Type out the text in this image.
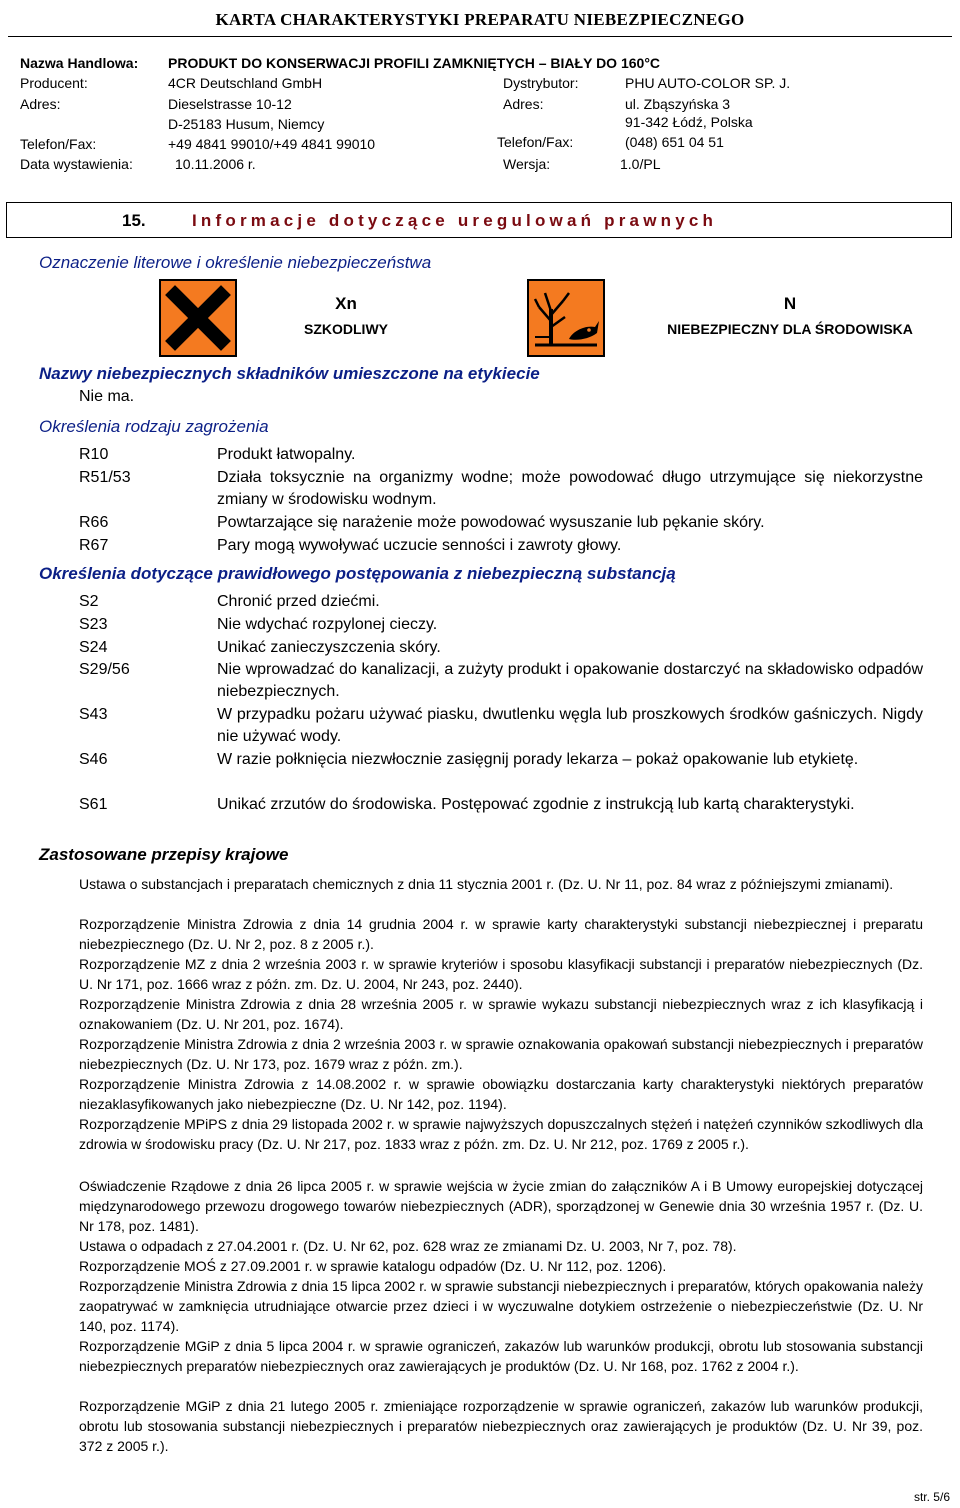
KARTA CHARAKTERYSTYKI PREPARATU NIEBEZPIECZNEGO
Nazwa Handlowa: PRODUKT DO KONSERWACJI PROFILI ZAMKNIĘTYCH – BIAŁY DO 160°C
Producent:	4CR Deutschland GmbH	Dystrybutor:	PHU AUTO-COLOR SP. J.
Adres:	Dieselstrasse 10-12	Adres:	ul. Zbąszyńska 3
D-25183 Husum, Niemcy	91-342 Łódź, Polska
Telefon/Fax:	+49 4841 99010/+49 4841 99010	Telefon/Fax:	(048) 651 04 51
Data wystawienia:	10.11.2006 r.	Wersja:	1.0/PL
15.	Informacje dotyczące uregulowań prawnych
Oznaczenie literowe i określenie niebezpieczeństwa
Xn
SZKODLIWY
N
NIEBEZPIECZNY DLA ŚRODOWISKA
Nazwy niebezpiecznych składników umieszczone na etykiecie
Nie ma.
Określenia rodzaju zagrożenia
R10	Produkt łatwopalny.
R51/53	Działa toksycznie na organizmy wodne; może powodować długo utrzymujące się niekorzystne zmiany w środowisku wodnym.
R66	Powtarzające się narażenie może powodować wysuszanie lub pękanie skóry.
R67	Pary mogą wywoływać uczucie senności i zawroty głowy.
Określenia dotyczące prawidłowego postępowania z niebezpieczną substancją
S2	Chronić przed dziećmi.
S23	Nie wdychać rozpylonej cieczy.
S24	Unikać zanieczyszczenia skóry.
S29/56	Nie wprowadzać do kanalizacji, a zużyty produkt i opakowanie dostarczyć na składowisko odpadów niebezpiecznych.
S43	W przypadku pożaru używać piasku, dwutlenku węgla lub proszkowych środków gaśniczych. Nigdy nie używać wody.
S46	W razie połknięcia niezwłocznie zasięgnij porady lekarza – pokaż opakowanie lub etykietę.
S61	Unikać zrzutów do środowiska. Postępować zgodnie z instrukcją lub kartą charakterystyki.
Zastosowane przepisy krajowe
Ustawa o substancjach i preparatach chemicznych z dnia 11 stycznia 2001 r. (Dz. U. Nr 11, poz. 84 wraz z późniejszymi zmianami).
Rozporządzenie Ministra Zdrowia z dnia 14 grudnia 2004 r. w sprawie karty charakterystyki substancji niebezpiecznej i preparatu niebezpiecznego (Dz. U. Nr 2, poz. 8 z 2005 r.).
Rozporządzenie MZ z dnia 2 września 2003 r. w sprawie kryteriów i sposobu klasyfikacji substancji i preparatów niebezpiecznych (Dz. U. Nr 171, poz. 1666 wraz z późn. zm. Dz. U. 2004, Nr 243, poz. 2440).
Rozporządzenie Ministra Zdrowia z dnia 28 września 2005 r. w sprawie wykazu substancji niebezpiecznych wraz z ich klasyfikacją i oznakowaniem (Dz. U. Nr 201, poz. 1674).
Rozporządzenie Ministra Zdrowia z dnia 2 września 2003 r. w sprawie oznakowania opakowań substancji niebezpiecznych i preparatów niebezpiecznych (Dz. U. Nr 173, poz. 1679 wraz z późn. zm.).
Rozporządzenie Ministra Zdrowia z 14.08.2002 r. w sprawie obowiązku dostarczania karty charakterystyki niektórych preparatów niezaklasyfikowanych jako niebezpieczne (Dz. U. Nr 142, poz. 1194).
Rozporządzenie MPiPS z dnia 29 listopada 2002 r. w sprawie najwyższych dopuszczalnych stężeń i natężeń czynników szkodliwych dla zdrowia w środowisku pracy (Dz. U. Nr 217, poz. 1833 wraz z późn. zm. Dz. U. Nr 212, poz. 1769 z 2005 r.).
Oświadczenie Rządowe z dnia 26 lipca 2005 r. w sprawie wejścia w życie zmian do załączników A i B Umowy europejskiej dotyczącej międzynarodowego przewozu drogowego towarów niebezpiecznych (ADR), sporządzonej w Genewie dnia 30 września 1957 r. (Dz. U. Nr 178, poz. 1481).
Ustawa o odpadach z 27.04.2001 r. (Dz. U. Nr 62, poz. 628 wraz ze zmianami Dz. U. 2003, Nr 7, poz. 78).
Rozporządzenie MOŚ z 27.09.2001 r. w sprawie katalogu odpadów (Dz. U. Nr 112, poz. 1206).
Rozporządzenie Ministra Zdrowia z dnia 15 lipca 2002 r. w sprawie substancji niebezpiecznych i preparatów, których opakowania należy zaopatrywać w zamknięcia utrudniające otwarcie przez dzieci i w wyczuwalne dotykiem ostrzeżenie o niebezpieczeństwie (Dz. U. Nr 140, poz. 1174).
Rozporządzenie MGiP z dnia 5 lipca 2004 r. w sprawie ograniczeń, zakazów lub warunków produkcji, obrotu lub stosowania substancji niebezpiecznych preparatów niebezpiecznych oraz zawierających je produktów (Dz. U. Nr 168, poz. 1762 z 2004 r.).
Rozporządzenie MGiP z dnia 21 lutego 2005 r. zmieniające rozporządzenie w sprawie ograniczeń, zakazów lub warunków produkcji, obrotu lub stosowania substancji niebezpiecznych i preparatów niebezpiecznych oraz zawierających je produktów (Dz. U. Nr 39, poz. 372 z 2005 r.).
str. 5/6
